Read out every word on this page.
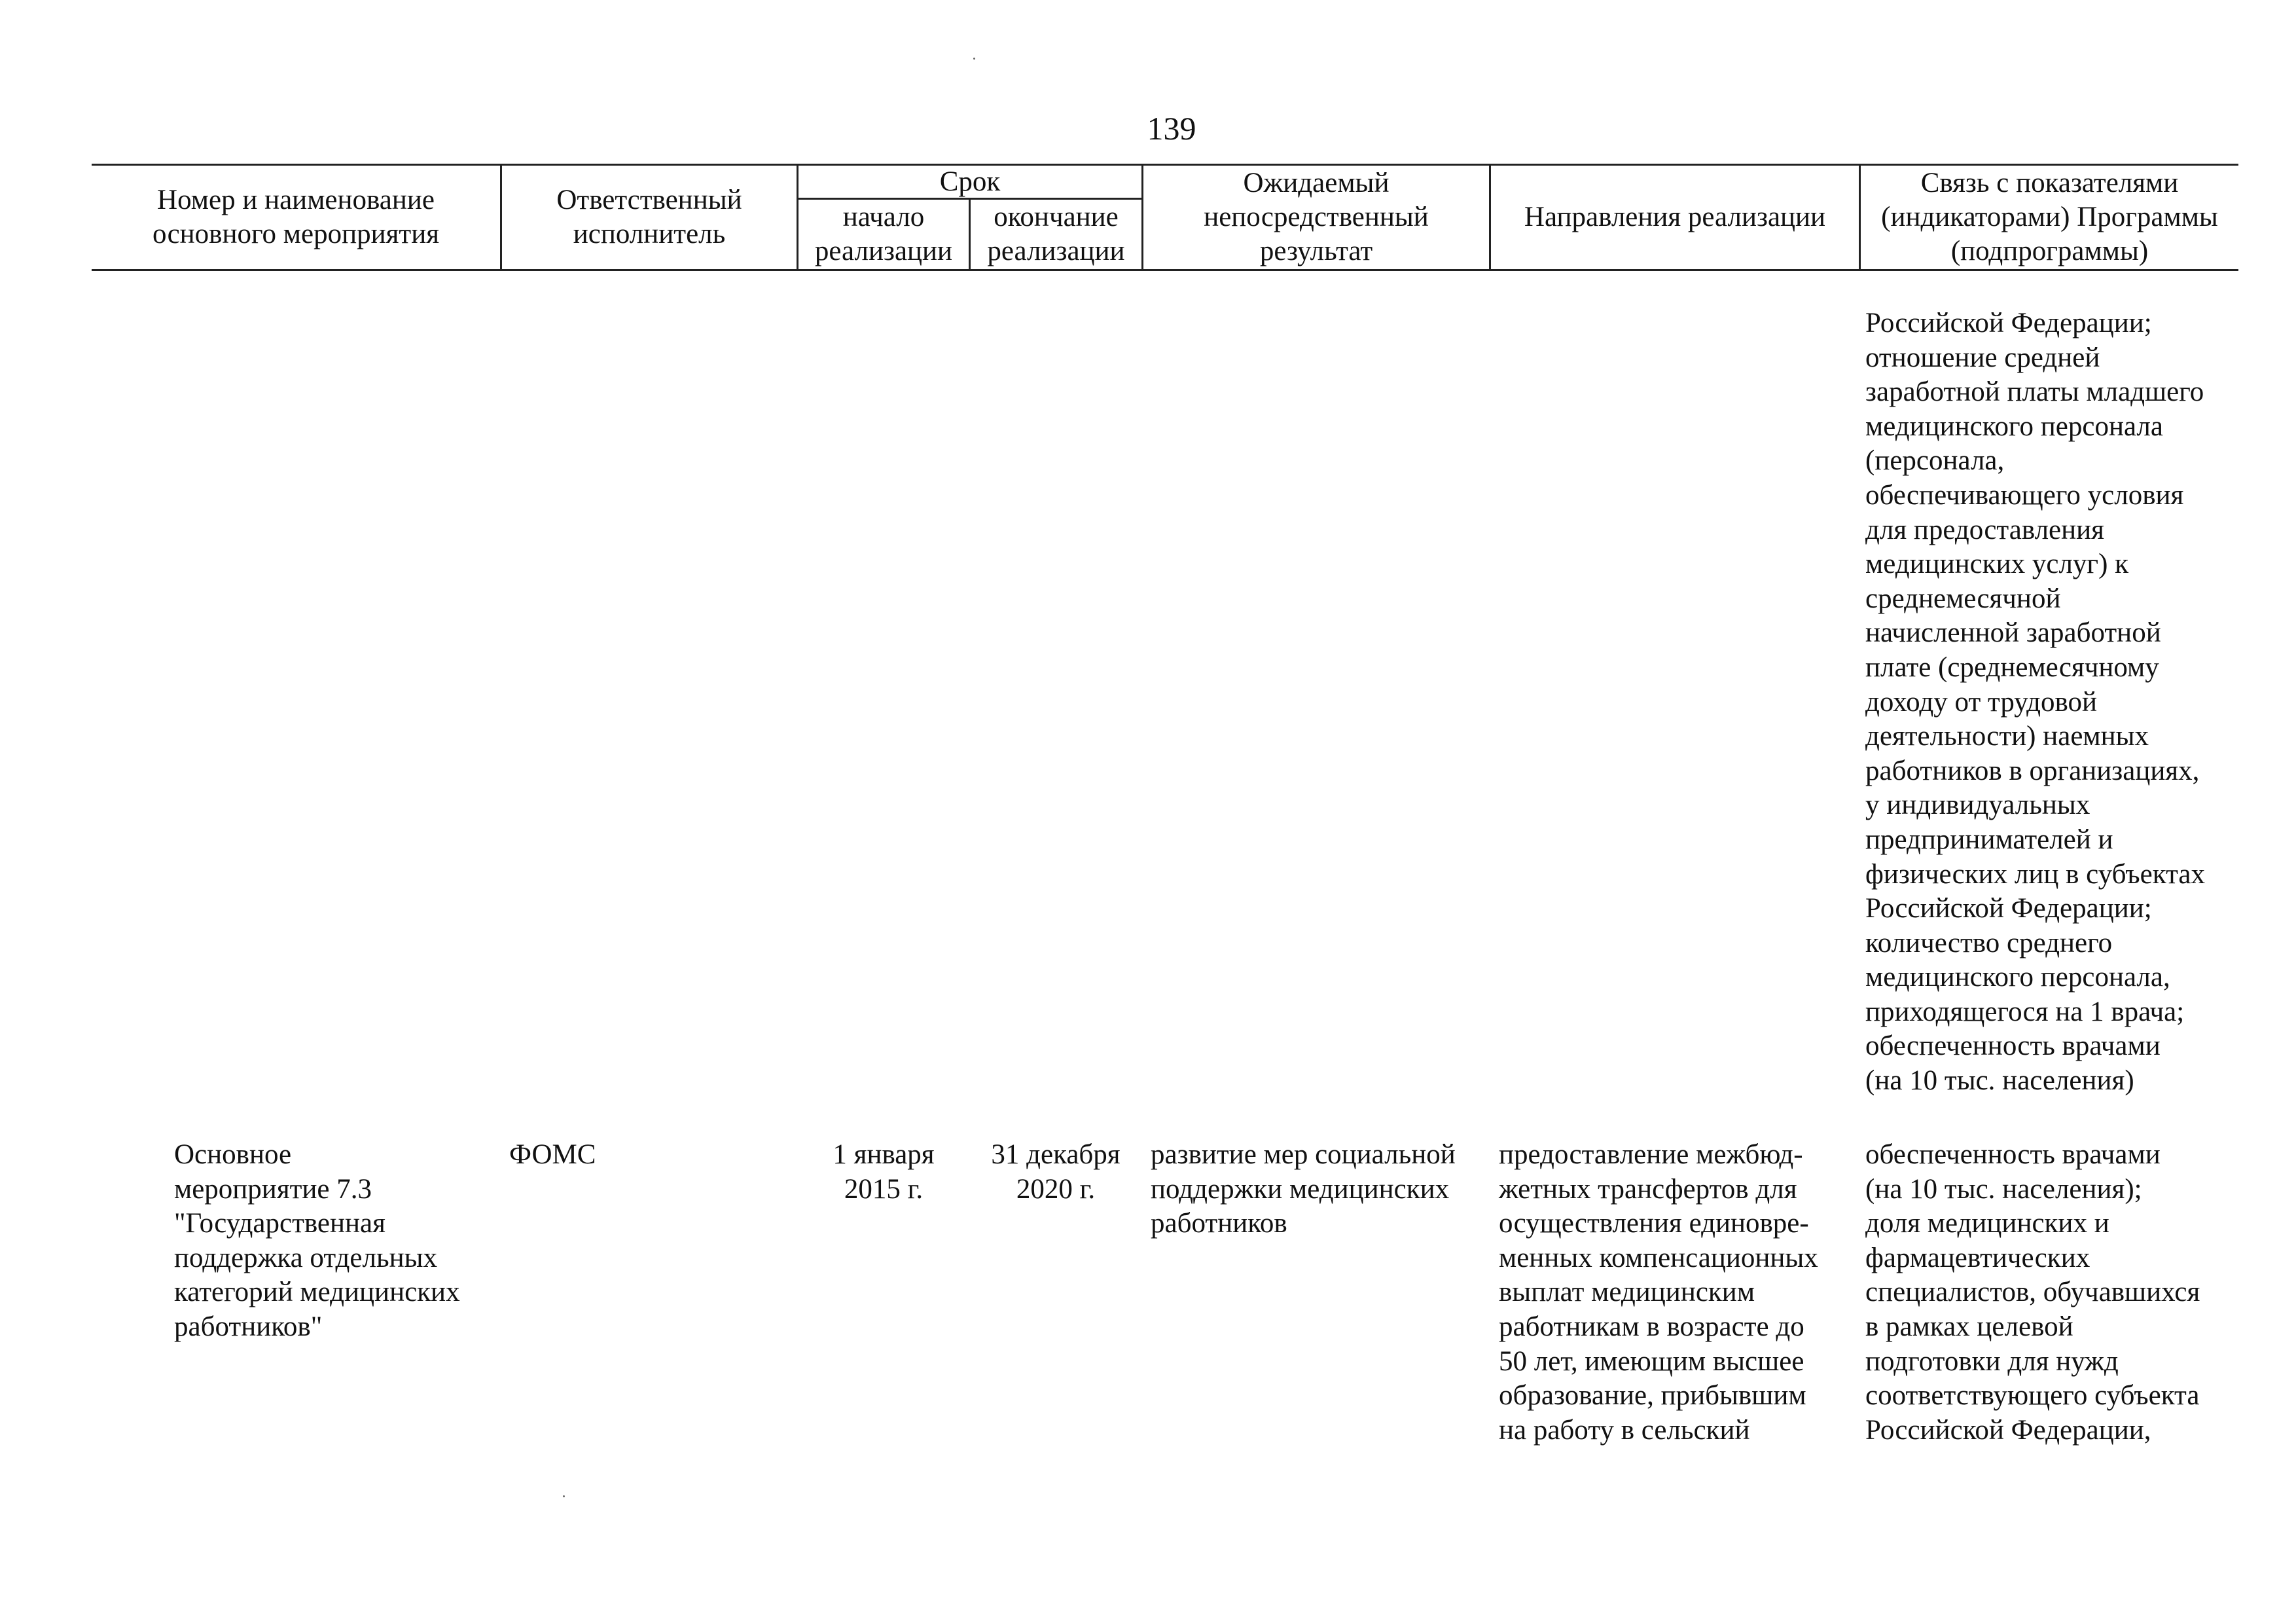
139
Номер и наименование
основного мероприятия
Ответственный
исполнитель
Срок
начало
реализации
окончание
реализации
Ожидаемый
непосредственный
результат
Направления реализации
Связь с показателями
(индикаторами) Программы
(подпрограммы)
Российской Федерации;
отношение средней
заработной платы младшего
медицинского персонала
(персонала,
обеспечивающего условия
для предоставления
медицинских услуг) к
среднемесячной
начисленной заработной
плате (среднемесячному
доходу от трудовой
деятельности) наемных
работников в организациях,
у индивидуальных
предпринимателей и
физических лиц в субъектах
Российской Федерации;
количество среднего
медицинского персонала,
приходящегося на 1 врача;
обеспеченность врачами
(на 10 тыс. населения)
Основное
мероприятие 7.3
"Государственная
поддержка отдельных
категорий медицинских
работников"
ФОМС	1 января
2015 г.
31 декабря
2020 г.
развитие мер социальной
поддержки медицинских
работников
предоставление межбюд-
жетных трансфертов для
осуществления единовре-
менных компенсационных
выплат медицинским
работникам в возрасте до
50 лет, имеющим высшее
образование, прибывшим
на работу в сельский
обеспеченность врачами
(на 10 тыс. населения);
доля медицинских и
фармацевтических
специалистов, обучавшихся
в рамках целевой
подготовки для нужд
соответствующего субъекта
Российской Федерации,
